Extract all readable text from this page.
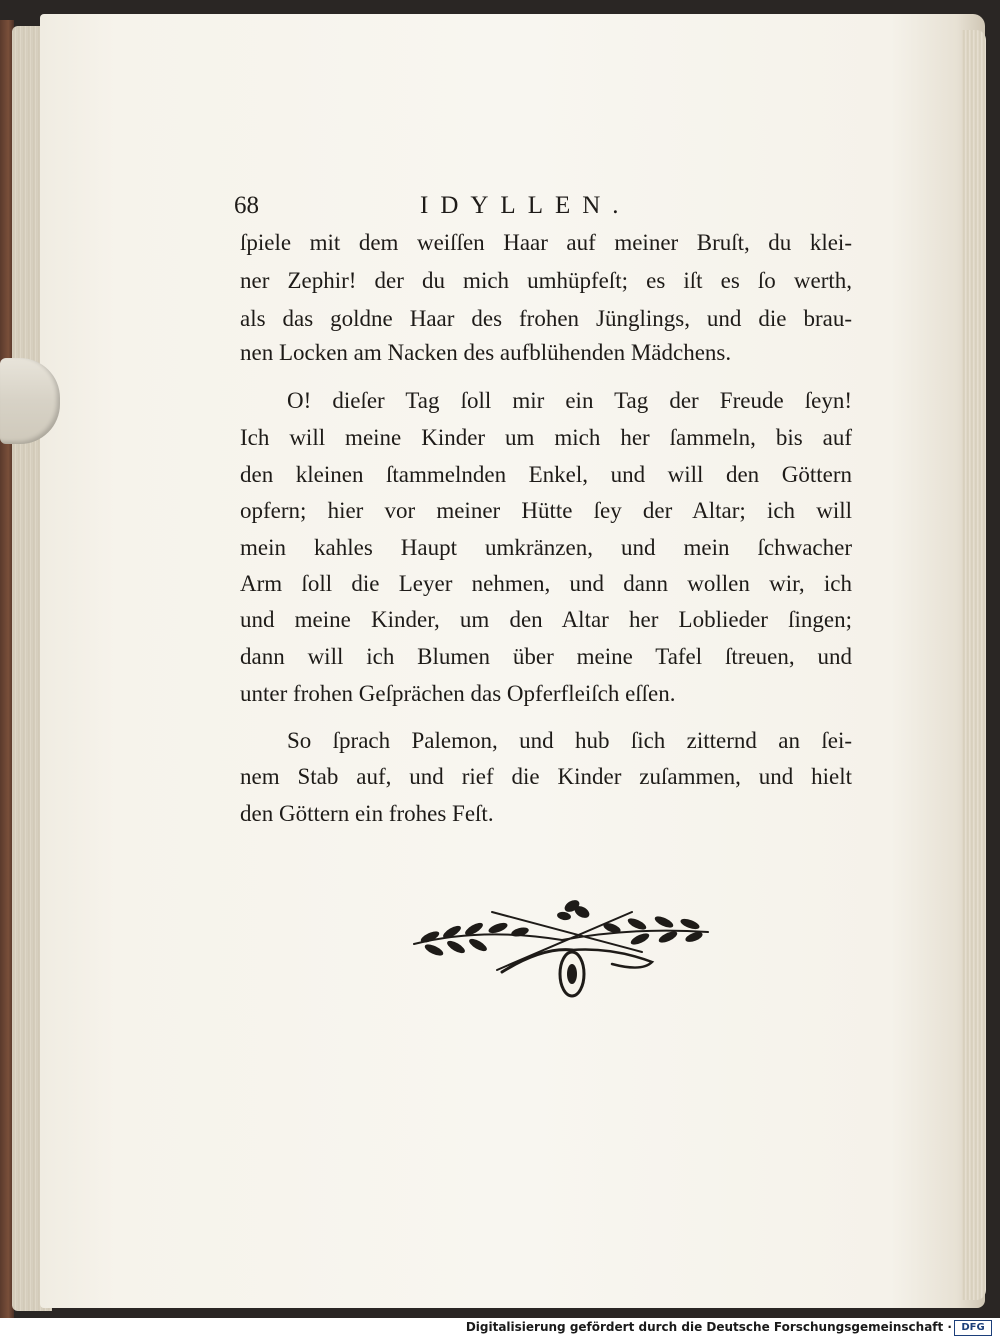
68	IDYLLEN.
ſpiele mit dem weiſſen Haar auf meiner Bruſt, du klei-
ner Zephir! der du mich umhüpfeſt; es iſt es ſo werth,
als das goldne Haar des frohen Jünglings, und die brau-
nen Locken am Nacken des aufblühenden Mädchens.
O! dieſer Tag ſoll mir ein Tag der Freude ſeyn!
Ich will meine Kinder um mich her ſammeln, bis auf
den kleinen ſtammelnden Enkel, und will den Göttern
opfern; hier vor meiner Hütte ſey der Altar; ich will
mein kahles Haupt umkränzen, und mein ſchwacher
Arm ſoll die Leyer nehmen, und dann wollen wir, ich
und meine Kinder, um den Altar her Loblieder ſingen;
dann will ich Blumen über meine Tafel ſtreuen, und
unter frohen Geſprächen das Opferfleiſch eſſen.
So ſprach Palemon, und hub ſich zitternd an ſei-
nem Stab auf, und rief die Kinder zuſammen, und hielt
den Göttern ein frohes Feſt.
Digitalisierung gefördert durch die Deutsche Forschungsgemeinschaft · DFG
